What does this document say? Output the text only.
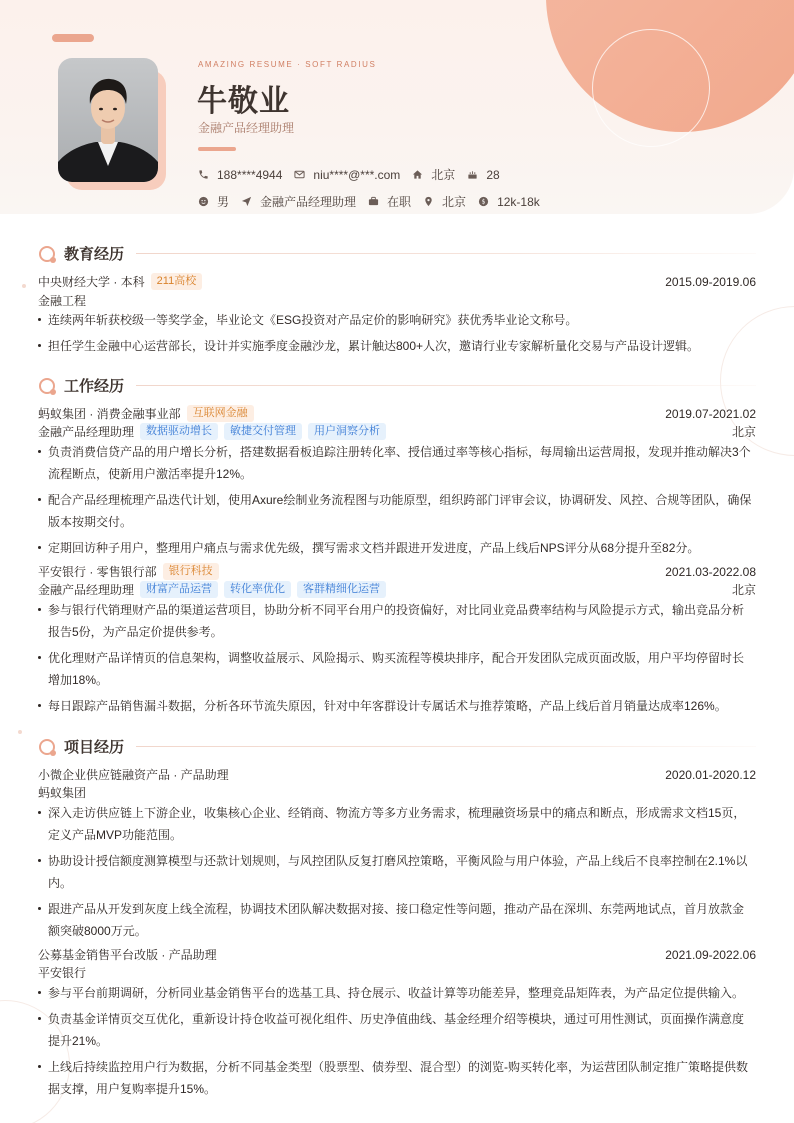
AMAZING RESUME · SOFT RADIUS
牛敬业
金融产品经理助理
188****4944	niu****@***.com	北京	28
男	金融产品经理助理	在职	北京 $ 12k-18k
教育经历
中央财经大学 · 本科	211高校	2015.09-2019.06
金融工程
连续两年斩获校级一等奖学金，毕业论文《ESG投资对产品定价的影响研究》获优秀毕业论文称号。
担任学生金融中心运营部长，设计并实施季度金融沙龙，累计触达800+人次，邀请行业专家解析量化交易与产品设计逻辑。
工作经历
蚂蚁集团 · 消费金融事业部	互联网金融	2019.07-2021.02
金融产品经理助理	数据驱动增长	敏捷交付管理	用户洞察分析	北京
负责消费信贷产品的用户增长分析，搭建数据看板追踪注册转化率、授信通过率等核心指标，每周输出运营周报，发现并推动解决3个
流程断点，使新用户激活率提升12%。
配合产品经理梳理产品迭代计划，使用Axure绘制业务流程图与功能原型，组织跨部门评审会议，协调研发、风控、合规等团队，确保
版本按期交付。
定期回访种子用户，整理用户痛点与需求优先级，撰写需求文档并跟进开发进度，产品上线后NPS评分从68分提升至82分。
平安银行 · 零售银行部	银行科技	2021.03-2022.08
金融产品经理助理	财富产品运营	转化率优化	客群精细化运营	北京
参与银行代销理财产品的渠道运营项目，协助分析不同平台用户的投资偏好，对比同业竞品费率结构与风险提示方式，输出竞品分析
报告5份，为产品定价提供参考。
优化理财产品详情页的信息架构，调整收益展示、风险揭示、购买流程等模块排序，配合开发团队完成页面改版，用户平均停留时长
增加18%。
每日跟踪产品销售漏斗数据，分析各环节流失原因，针对中年客群设计专属话术与推荐策略，产品上线后首月销量达成率126%。
项目经历
小微企业供应链融资产品 · 产品助理	2020.01-2020.12
蚂蚁集团
深入走访供应链上下游企业，收集核心企业、经销商、物流方等多方业务需求，梳理融资场景中的痛点和断点，形成需求文档15页，
定义产品MVP功能范围。
协助设计授信额度测算模型与还款计划规则，与风控团队反复打磨风控策略，平衡风险与用户体验，产品上线后不良率控制在2.1%以
内。
跟进产品从开发到灰度上线全流程，协调技术团队解决数据对接、接口稳定性等问题，推动产品在深圳、东莞两地试点，首月放款金
额突破8000万元。
公募基金销售平台改版 · 产品助理	2021.09-2022.06
平安银行
参与平台前期调研，分析同业基金销售平台的选基工具、持仓展示、收益计算等功能差异，整理竞品矩阵表，为产品定位提供输入。
负责基金详情页交互优化，重新设计持仓收益可视化组件、历史净值曲线、基金经理介绍等模块，通过可用性测试，页面操作满意度
提升21%。
上线后持续监控用户行为数据，分析不同基金类型（股票型、债券型、混合型）的浏览-购买转化率，为运营团队制定推广策略提供数
据支撑，用户复购率提升15%。
